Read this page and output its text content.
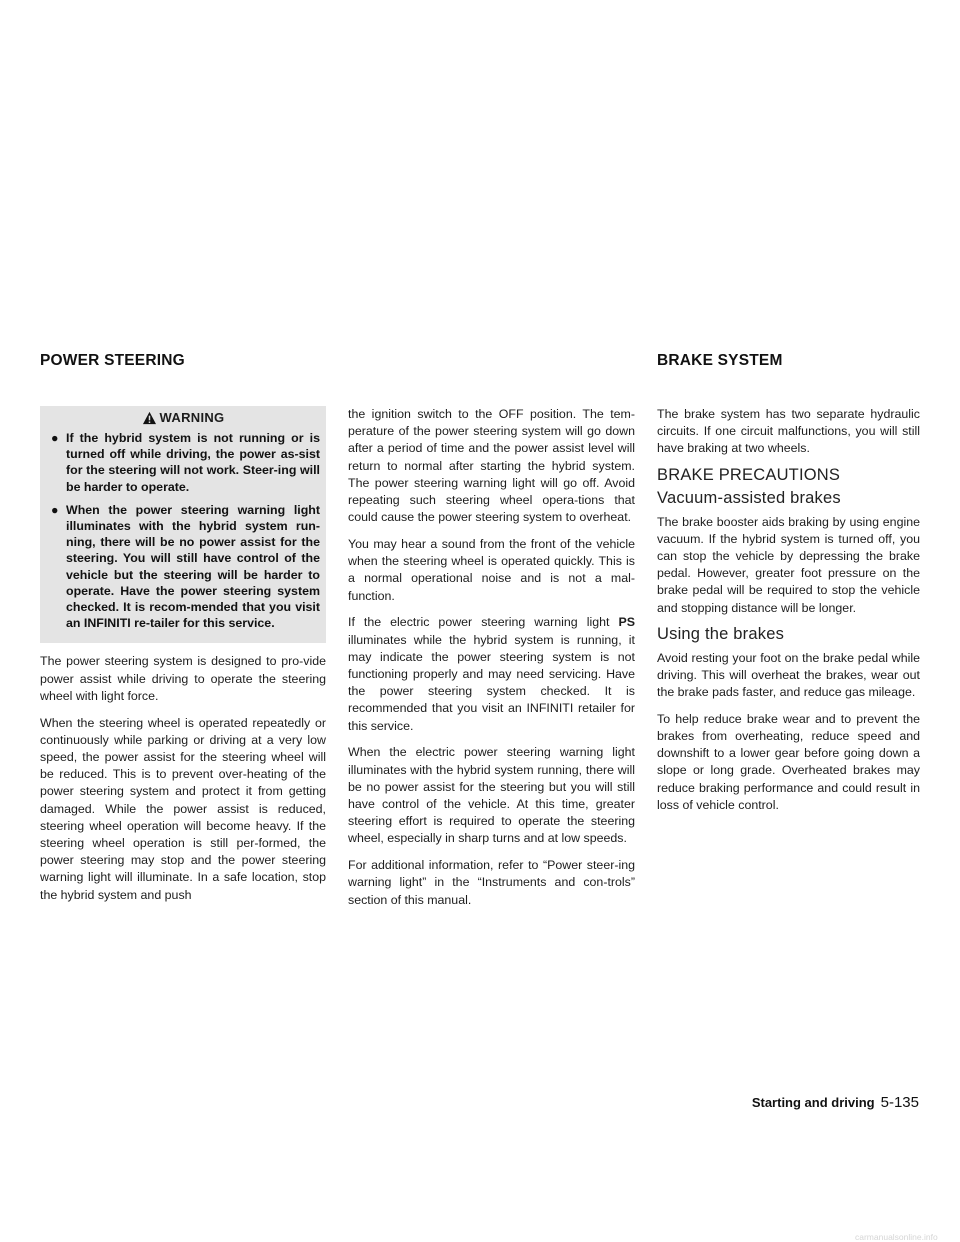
POWER STEERING	BRAKE SYSTEM
WARNING
● If the hybrid system is not running or is turned off while driving, the power as-sist for the steering will not work. Steer-ing will be harder to operate.
● When the power steering warning light illuminates with the hybrid system run-ning, there will be no power assist for the steering. You will still have control of the vehicle but the steering will be harder to operate. Have the power steering system checked. It is recom-mended that you visit an INFINITI re-tailer for this service.

The power steering system is designed to pro-vide power assist while driving to operate the steering wheel with light force.

When the steering wheel is operated repeatedly or continuously while parking or driving at a very low speed, the power assist for the steering wheel will be reduced. This is to prevent over-heating of the power steering system and protect it from getting damaged. While the power assist is reduced, steering wheel operation will become heavy. If the steering wheel operation is still per-formed, the power steering may stop and the power steering warning light will illuminate. In a safe location, stop the hybrid system and push

the ignition switch to the OFF position. The tem-perature of the power steering system will go down after a period of time and the power assist level will return to normal after starting the hybrid system. The power steering warning light will go off. Avoid repeating such steering wheel opera-tions that could cause the power steering system to overheat.

You may hear a sound from the front of the vehicle when the steering wheel is operated quickly. This is a normal operational noise and is not a mal-function.

If the electric power steering warning light PS illuminates while the hybrid system is running, it may indicate the power steering system is not functioning properly and may need servicing. Have the power steering system checked. It is recommended that you visit an INFINITI retailer for this service.

When the electric power steering warning light illuminates with the hybrid system running, there will be no power assist for the steering but you will still have control of the vehicle. At this time, greater steering effort is required to operate the steering wheel, especially in sharp turns and at low speeds.

For additional information, refer to “Power steer-ing warning light” in the “Instruments and con-trols” section of this manual.

The brake system has two separate hydraulic circuits. If one circuit malfunctions, you will still have braking at two wheels.

BRAKE PRECAUTIONS
Vacuum-assisted brakes

The brake booster aids braking by using engine vacuum. If the hybrid system is turned off, you can stop the vehicle by depressing the brake pedal. However, greater foot pressure on the brake pedal will be required to stop the vehicle and stopping distance will be longer.

Using the brakes

Avoid resting your foot on the brake pedal while driving. This will overheat the brakes, wear out the brake pads faster, and reduce gas mileage.

To help reduce brake wear and to prevent the brakes from overheating, reduce speed and downshift to a lower gear before going down a slope or long grade. Overheated brakes may reduce braking performance and could result in loss of vehicle control.

Starting and driving 5-135
carmanualsonline.info
